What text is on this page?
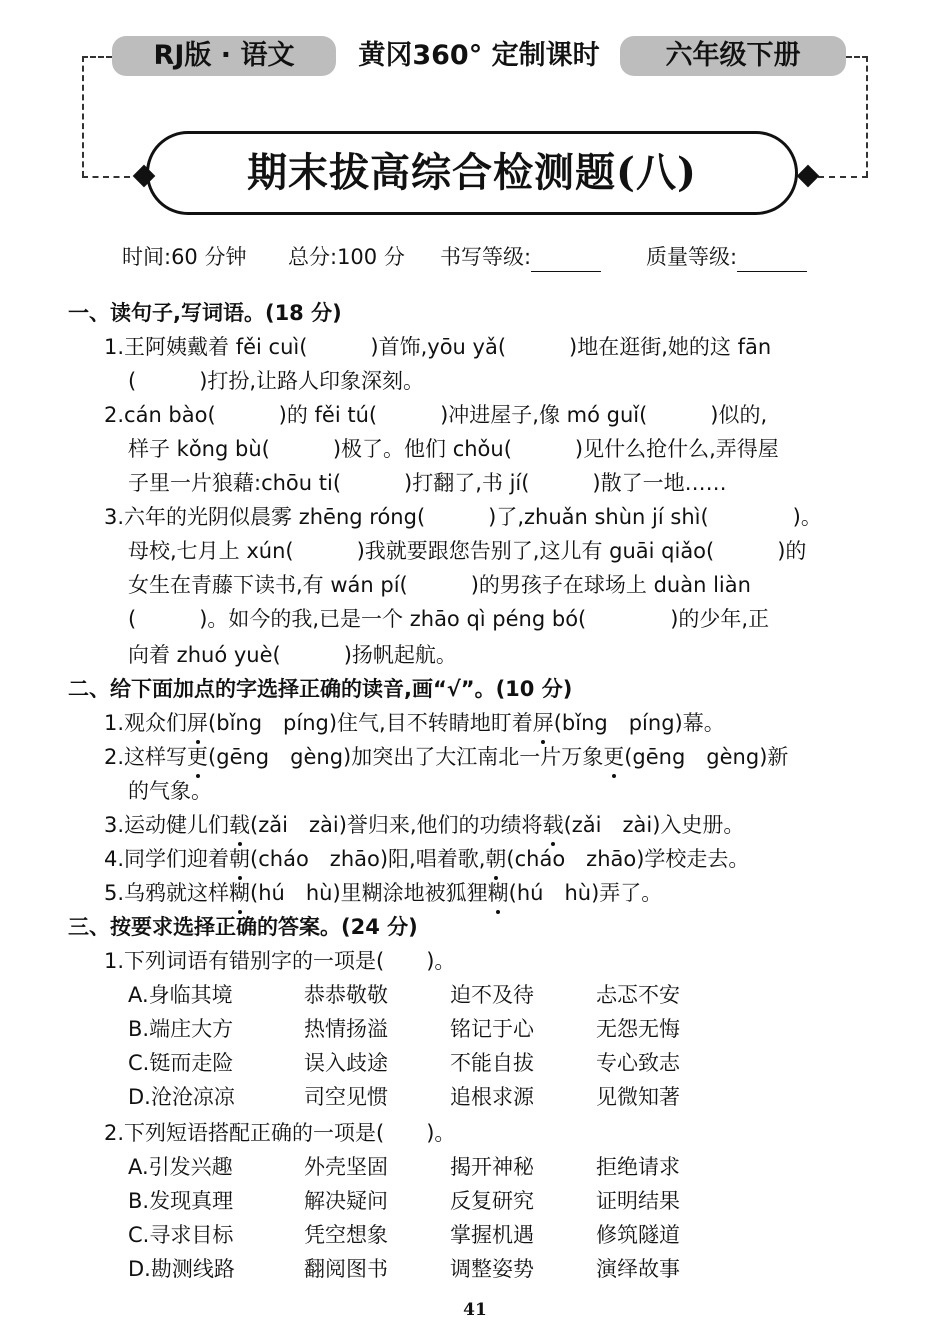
RJ版 · 语文	黄冈360° 定制课时	六年级下册
期末拔高综合检测题(八)
时间:60 分钟 总分:100 分 书写等级:	质量等级:
一、读句子,写词语。(18 分)
1.王阿姨戴着 fěi cuì(　　　)首饰,yōu yǎ(　　　)地在逛街,她的这 fān
(　　　)打扮,让路人印象深刻。
2.cán bào(　　　)的 fěi tú(　　　)冲进屋子,像 mó guǐ(　　　)似的,
样子 kǒng bù(　　　)极了。他们 chǒu(　　　)见什么抢什么,弄得屋
子里一片狼藉:chōu ti(　　　)打翻了,书 jí(　　　)散了一地……
3.六年的光阴似晨雾 zhēng róng(　　　)了,zhuǎn shùn jí shì(　　　　)。
母校,七月上 xún(　　　)我就要跟您告别了,这儿有 guāi qiǎo(　　　)的
女生在青藤下读书,有 wán pí(　　　)的男孩子在球场上 duàn liàn
(　　　)。如今的我,已是一个 zhāo qì péng bó(　　　　)的少年,正
向着 zhuó yuè(　　　)扬帆起航。
二、给下面加点的字选择正确的读音,画“√”。(10 分)
1.观众们屏(bǐng　píng)住气,目不转睛地盯着屏(bǐng　píng)幕。
2.这样写更(gēng　gèng)加突出了大江南北一片万象更(gēng　gèng)新
的气象。
3.运动健儿们载(zǎi　zài)誉归来,他们的功绩将载(zǎi　zài)入史册。
4.同学们迎着朝(cháo　zhāo)阳,唱着歌,朝(cháo　zhāo)学校走去。
5.乌鸦就这样糊(hú　hù)里糊涂地被狐狸糊(hú　hù)弄了。
三、按要求选择正确的答案。(24 分)
1.下列词语有错别字的一项是(　　)。
A.身临其境	恭恭敬敬	迫不及待	忐忑不安
B.端庄大方	热情扬溢	铭记于心	无怨无悔
C.铤而走险	误入歧途	不能自拔	专心致志
D.沧沧凉凉	司空见惯	追根求源	见微知著
2.下列短语搭配正确的一项是(　　)。
A.引发兴趣	外壳坚固	揭开神秘	拒绝请求
B.发现真理	解决疑问	反复研究	证明结果
C.寻求目标	凭空想象	掌握机遇	修筑隧道
D.勘测线路	翻阅图书	调整姿势	演绎故事
41
